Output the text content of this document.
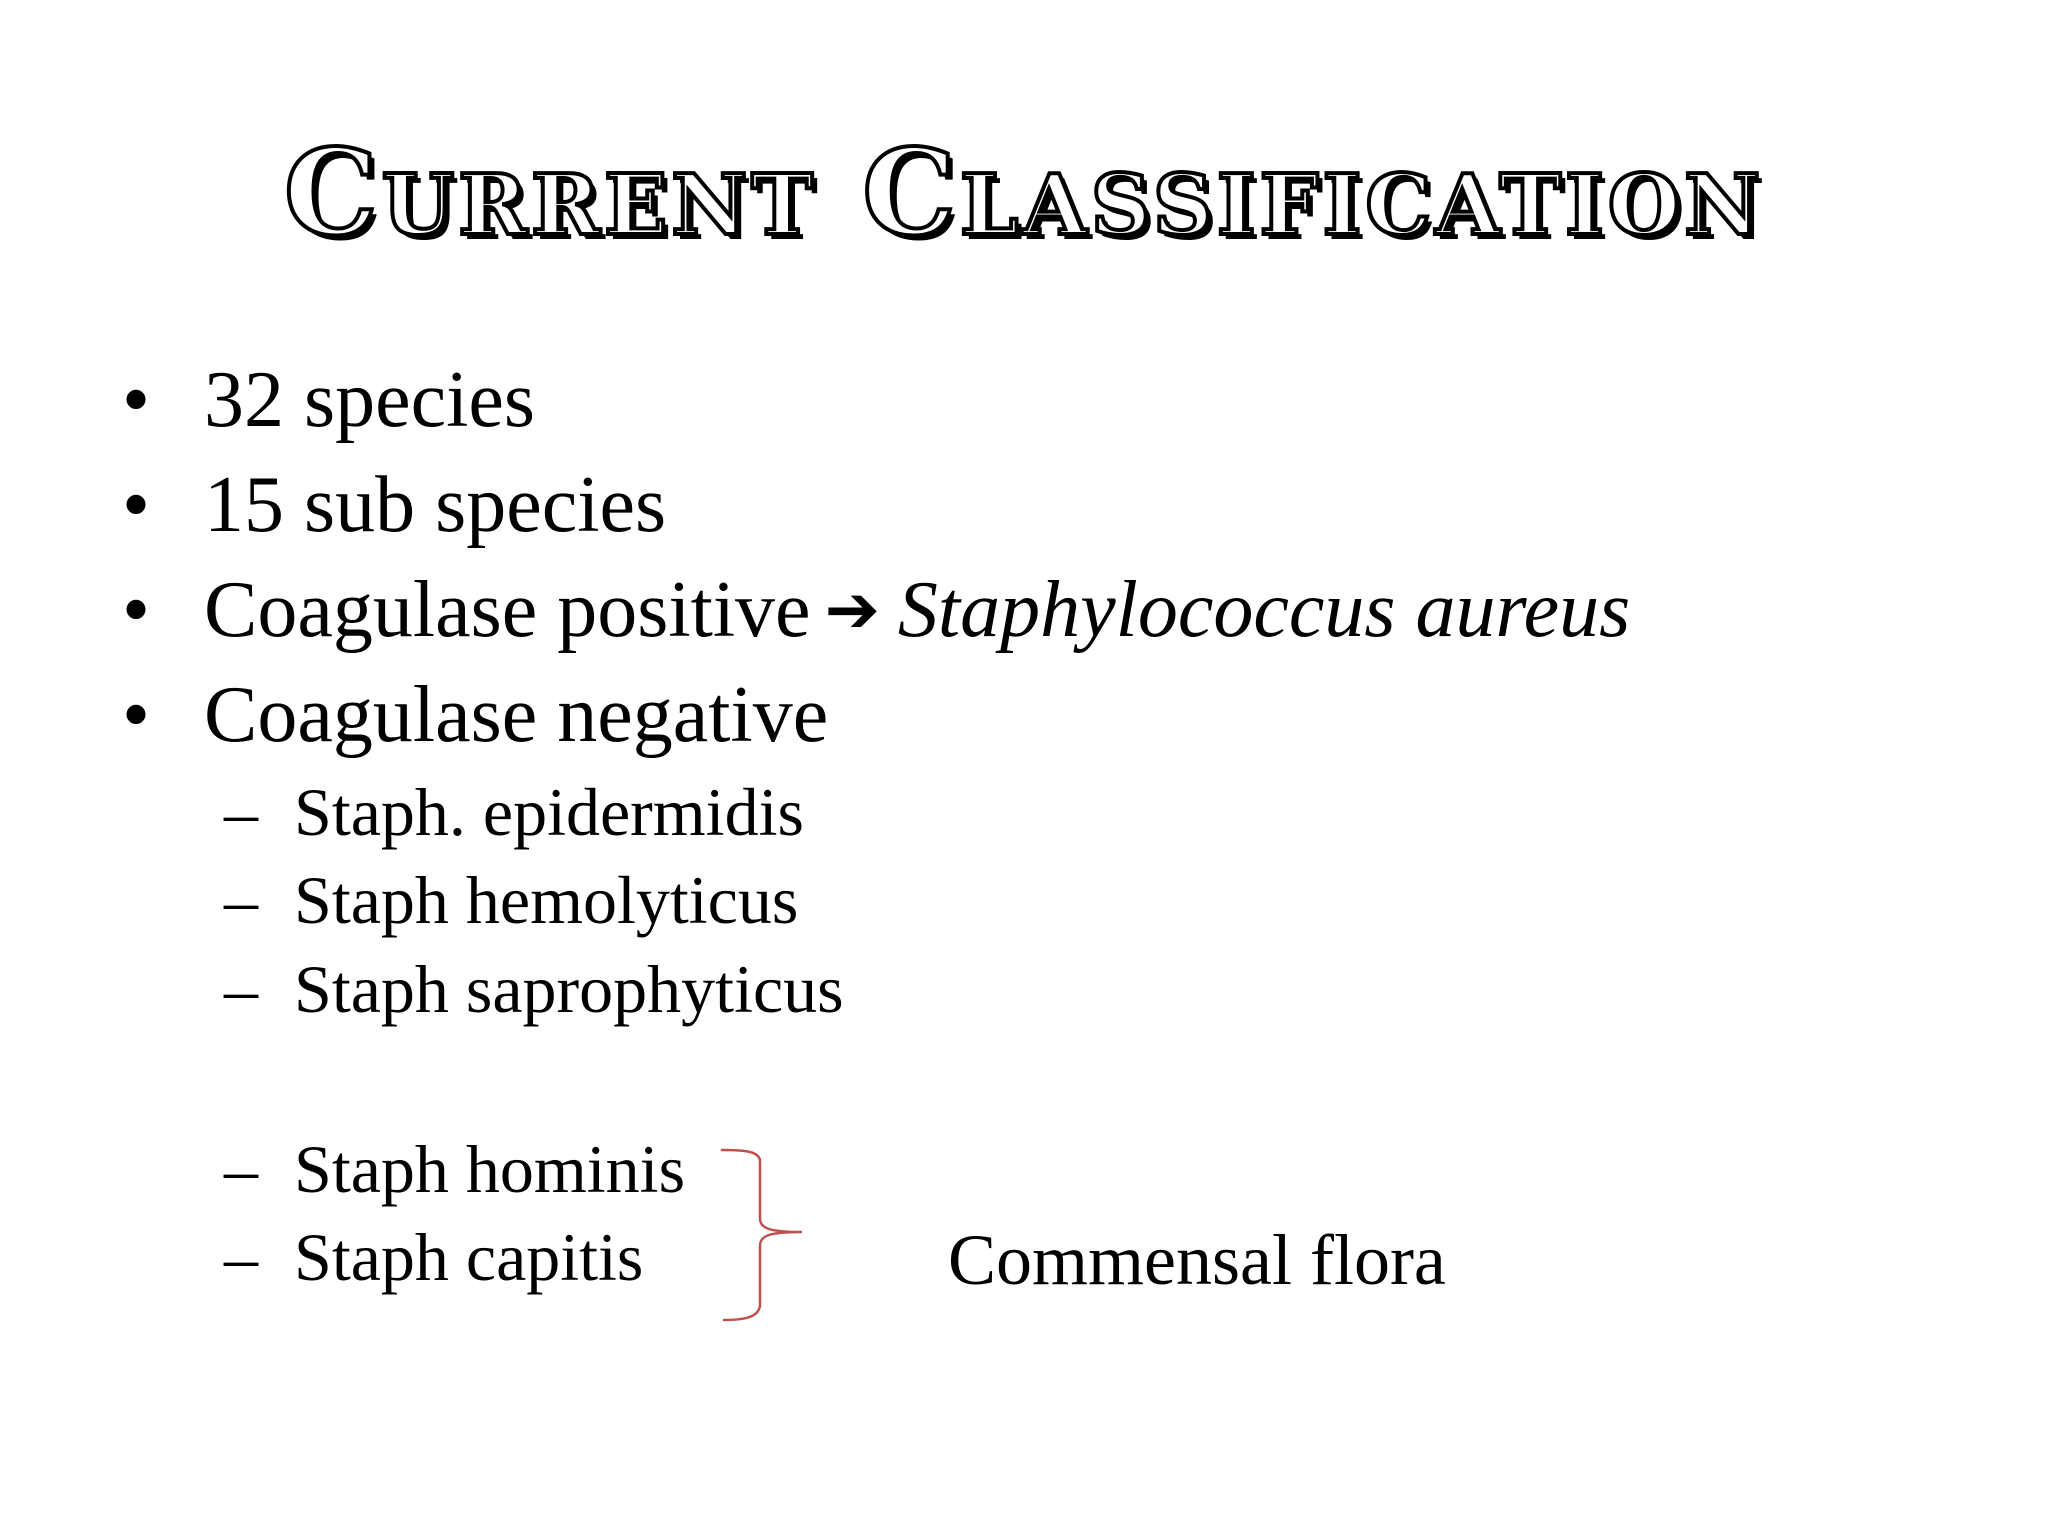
Current Classification
• 32 species
• 15 sub species
• Coagulase positive ➔ Staphylococcus aureus
• Coagulase negative
– Staph. epidermidis
– Staph hemolyticus
– Staph saprophyticus
– Staph hominis
– Staph capitis	Commensal flora
